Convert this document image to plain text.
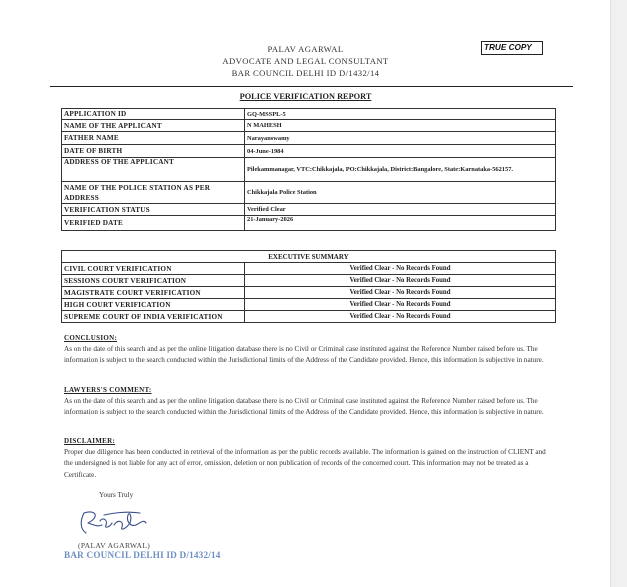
PALAV AGARWAL
ADVOCATE AND LEGAL CONSULTANT
BAR COUNCIL DELHI ID D/1432/14
TRUE COPY
POLICE VERIFICATION REPORT
APPLICATION ID	GQ-MSSPL-5
NAME OF THE APPLICANT	N MAHESH
FATHER NAME	Narayanswamy
DATE OF BIRTH	04-June-1984
ADDRESS OF THE APPLICANT	Pilekammanagar, VTC:Chikkajala, PO:Chikkajala, District:Bangalore, State:Karnataka-562157.
NAME OF THE POLICE STATION AS PER ADDRESS	Chikkajala Police Station
VERIFICATION STATUS	Verified Clear
VERIFIED DATE	21-January-2026
EXECUTIVE SUMMARY	
CIVIL COURT VERIFICATION	Verified Clear - No Records Found
SESSIONS COURT VERIFICATION	Verified Clear - No Records Found
MAGISTRATE COURT VERIFICATION	Verified Clear - No Records Found
HIGH COURT VERIFICATION	Verified Clear - No Records Found
SUPREME COURT OF INDIA VERIFICATION	Verified Clear - No Records Found
CONCLUSION:
As on the date of this search and as per the online litigation database there is no Civil or Criminal case instituted against the Reference Number raised before us. The information is subject to the search conducted within the Jurisdictional limits of the Address of the Candidate provided. Hence, this information is subjective in nature.
LAWYERS'S COMMENT:
As on the date of this search and as per the online litigation database there is no Civil or Criminal case instituted against the Reference Number raised before us. The information is subject to the search conducted within the Jurisdictional limits of the Address of the Candidate provided. Hence, this information is subjective in nature.
DISCLAIMER:
Proper due diligence has been conducted in retrieval of the information as per the public records available. The information is gained on the instruction of CLIENT and the undersigned is not liable for any act of error, omission, deletion or non publication of records of the concerned court. This information may not be treated as a Certificate.
Yours Truly
(PALAV AGARWAL)
BAR COUNCIL DELHI ID D/1432/14
